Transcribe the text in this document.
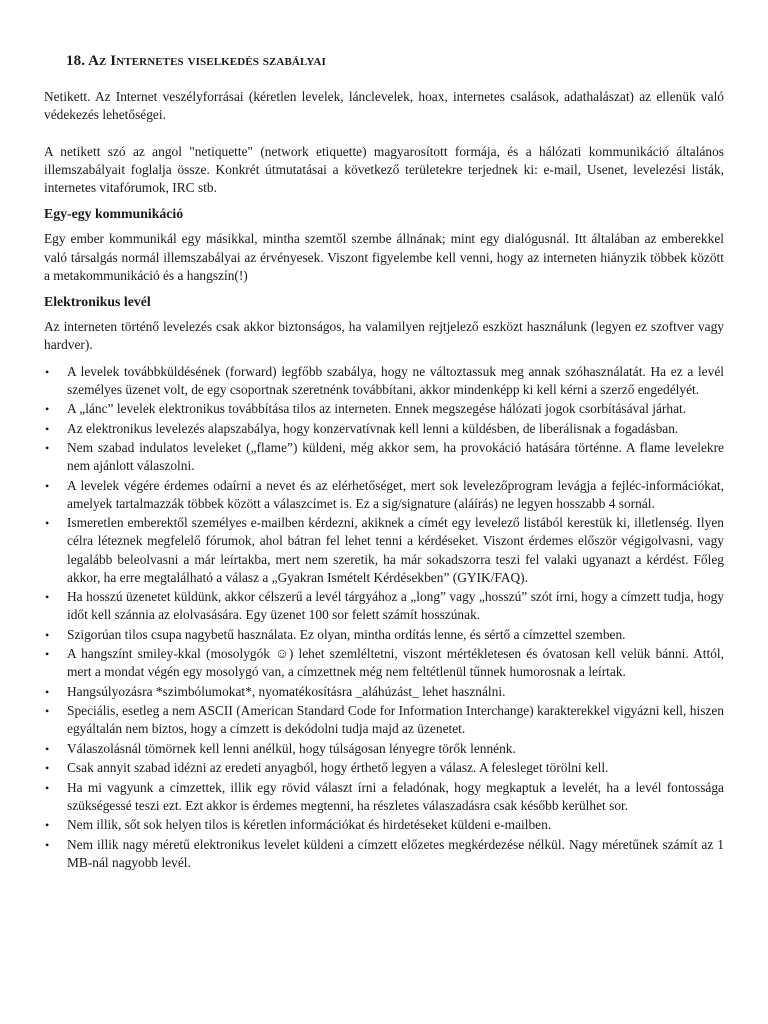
18. Az Internetes viselkedés szabályai

Netikett. Az Internet veszélyforrásai (kéretlen levelek, lánclevelek, hoax, internetes csalások, adathalászat) az ellenük való védekezés lehetőségei.

A netikett szó az angol "netiquette" (network etiquette) magyarosított formája, és a hálózati kommunikáció általános illemszabályait foglalja össze. Konkrét útmutatásai a következő területekre terjednek ki: e-mail, Usenet, levelezési listák, internetes vitafórumok, IRC stb.

Egy-egy kommunikáció

Egy ember kommunikál egy másikkal, mintha szemtől szembe állnának; mint egy dialógusnál. Itt általában az emberekkel való társalgás normál illemszabályai az érvényesek. Viszont figyelembe kell venni, hogy az interneten hiányzik többek között a metakommunikáció és a hangszín(!)

Elektronikus levél

Az interneten történő levelezés csak akkor biztonságos, ha valamilyen rejtjelező eszközt használunk (legyen ez szoftver vagy hardver).

• A levelek továbbküldésének (forward) legfőbb szabálya, hogy ne változtassuk meg annak szóhasználatát. Ha ez a levél személyes üzenet volt, de egy csoportnak szeretnénk továbbítani, akkor mindenképp ki kell kérni a szerző engedélyét.
• A „lánc” levelek elektronikus továbbítása tilos az interneten. Ennek megszegése hálózati jogok csorbításával járhat.
• Az elektronikus levelezés alapszabálya, hogy konzervatívnak kell lenni a küldésben, de liberálisnak a fogadásban.
• Nem szabad indulatos leveleket („flame”) küldeni, még akkor sem, ha provokáció hatására történne. A flame levelekre nem ajánlott válaszolni.
• A levelek végére érdemes odaírni a nevet és az elérhetőséget, mert sok levelezőprogram levágja a fejléc-információkat, amelyek tartalmazzák többek között a válaszcímet is. Ez a sig/signature (aláírás) ne legyen hosszabb 4 sornál.
• Ismeretlen emberektől személyes e-mailben kérdezni, akiknek a címét egy levelező listából kerestük ki, illetlenség. Ilyen célra léteznek megfelelő fórumok, ahol bátran fel lehet tenni a kérdéseket. Viszont érdemes először végigolvasni, vagy legalább beleolvasni a már leírtakba, mert nem szeretik, ha már sokadszorra teszi fel valaki ugyanazt a kérdést. Főleg akkor, ha erre megtalálható a válasz a „Gyakran Ismételt Kérdésekben” (GYIK/FAQ).
• Ha hosszú üzenetet küldünk, akkor célszerű a levél tárgyához a „long” vagy „hosszú” szót írni, hogy a címzett tudja, hogy időt kell szánnia az elolvasására. Egy üzenet 100 sor felett számít hosszúnak.
• Szigorúan tilos csupa nagybetű használata. Ez olyan, mintha ordítás lenne, és sértő a címzettel szemben.
• A hangszínt smiley-kkal (mosolygók ☺) lehet szemléltetni, viszont mértékletesen és óvatosan kell velük bánni. Attól, mert a mondat végén egy mosolygó van, a címzettnek még nem feltétlenül tűnnek humorosnak a leírtak.
• Hangsúlyozásra *szimbólumokat*, nyomatékosításra _aláhúzást_ lehet használni.
• Speciális, esetleg a nem ASCII (American Standard Code for Information Interchange) karakterekkel vigyázni kell, hiszen egyáltalán nem biztos, hogy a címzett is dekódolni tudja majd az üzenetet.
• Válaszolásnál tömörnek kell lenni anélkül, hogy túlságosan lényegre törők lennénk.
• Csak annyit szabad idézni az eredeti anyagból, hogy érthető legyen a válasz. A felesleget törölni kell.
• Ha mi vagyunk a címzettek, illik egy rövid választ írni a feladónak, hogy megkaptuk a levelét, ha a levél fontossága szükségessé teszi ezt. Ezt akkor is érdemes megtenni, ha részletes válaszadásra csak később kerülhet sor.
• Nem illik, sőt sok helyen tilos is kéretlen információkat és hirdetéseket küldeni e-mailben.
• Nem illik nagy méretű elektronikus levelet küldeni a címzett előzetes megkérdezése nélkül. Nagy méretűnek számít az 1 MB-nál nagyobb levél.
